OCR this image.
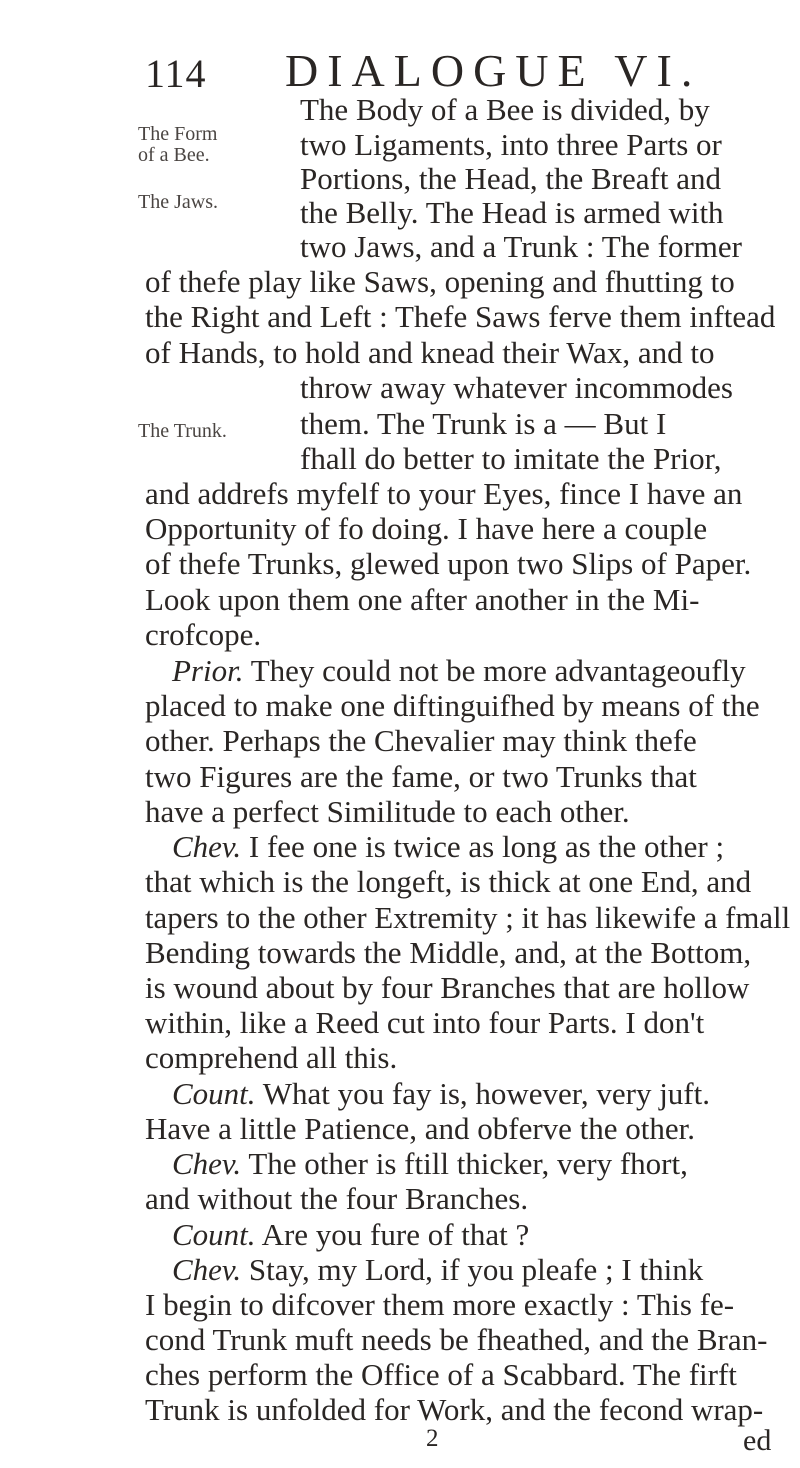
114 DIALOGUE VI.
The Form
of a Bee.
The Jaws.
The Trunk.
The Body of a Bee is divided, by
two Ligaments, into three Parts or
Portions, the Head, the Breaft and
the Belly. The Head is armed with
two Jaws, and a Trunk : The former
of thefe play like Saws, opening and fhutting to
the Right and Left : Thefe Saws ferve them inftead
of Hands, to hold and knead their Wax, and to
throw away whatever incommodes
them. The Trunk is a — But I
fhall do better to imitate the Prior,
and addrefs myfelf to your Eyes, fince I have an
Opportunity of fo doing. I have here a couple
of thefe Trunks, glewed upon two Slips of Paper.
Look upon them one after another in the Mi-
crofcope.
Prior. They could not be more advantageoufly
placed to make one diftinguifhed by means of the
other. Perhaps the Chevalier may think thefe
two Figures are the fame, or two Trunks that
have a perfect Similitude to each other.
Chev. I fee one is twice as long as the other ;
that which is the longeft, is thick at one End, and
tapers to the other Extremity ; it has likewife a fmall
Bending towards the Middle, and, at the Bottom,
is wound about by four Branches that are hollow
within, like a Reed cut into four Parts. I don't
comprehend all this.
Count. What you fay is, however, very juft.
Have a little Patience, and obferve the other.
Chev. The other is ftill thicker, very fhort,
and without the four Branches.
Count. Are you fure of that ?
Chev. Stay, my Lord, if you pleafe ; I think
I begin to difcover them more exactly : This fe-
cond Trunk muft needs be fheathed, and the Bran-
ches perform the Office of a Scabbard. The firft
Trunk is unfolded for Work, and the fecond wrap-
2	ed
